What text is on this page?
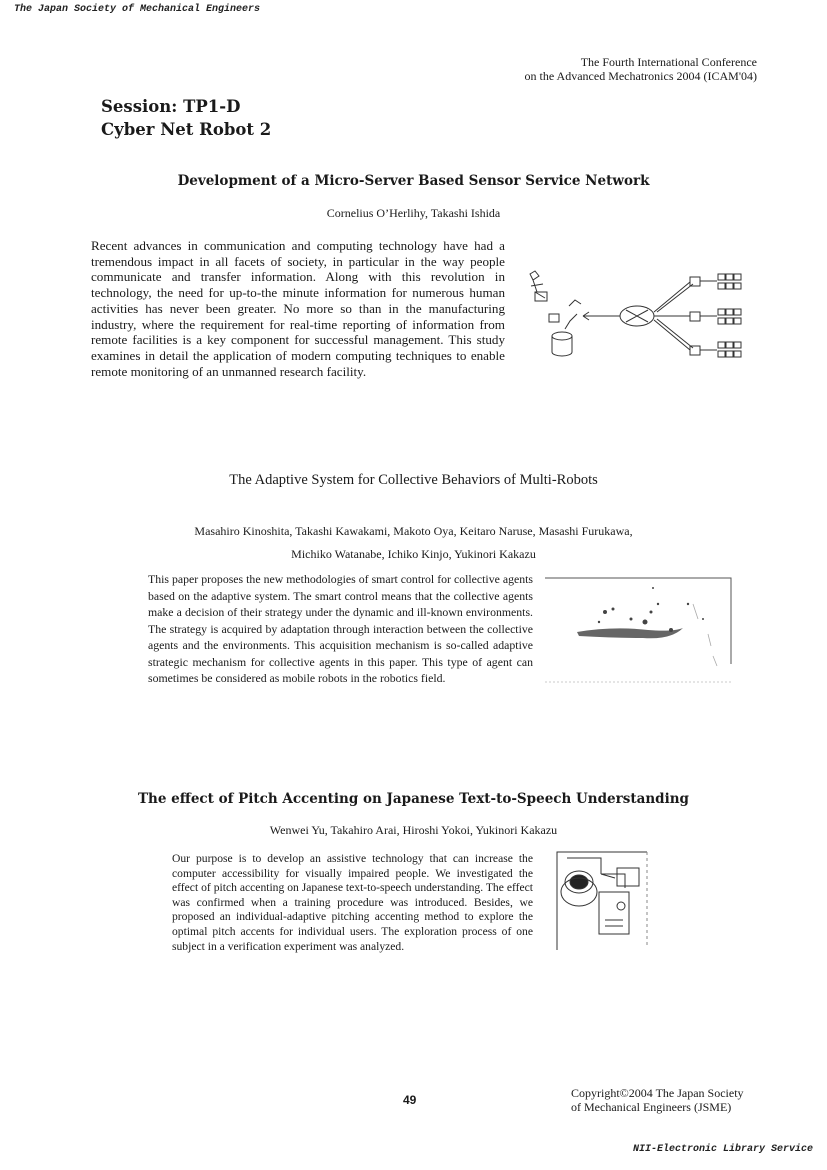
The Japan Society of Mechanical Engineers
The Fourth International Conference
on the Advanced Mechatronics 2004 (ICAM'04)
Session: TP1-D
Cyber Net Robot 2
Development of a Micro-Server Based Sensor Service Network
Cornelius O’Herlihy, Takashi Ishida
Recent advances in communication and computing technology have had a tremendous impact in all facets of society, in particular in the way people communicate and transfer information. Along with this revolution in technology, the need for up-to-the minute information for numerous human activities has never been greater. No more so than in the manufacturing industry, where the requirement for real-time reporting of information from remote facilities is a key component for successful management. This study examines in detail the application of modern computing techniques to enable remote monitoring of an unmanned research facility.
The Adaptive System for Collective Behaviors of Multi-Robots
Masahiro Kinoshita, Takashi Kawakami, Makoto Oya, Keitaro Naruse, Masashi Furukawa,
Michiko Watanabe, Ichiko Kinjo, Yukinori Kakazu
This paper proposes the new methodologies of smart control for collective agents based on the adaptive system. The smart control means that the collective agents make a decision of their strategy under the dynamic and ill-known environments. The strategy is acquired by adaptation through interaction between the collective agents and the environments. This acquisition mechanism is so-called adaptive strategic mechanism for collective agents in this paper. This type of agent can sometimes be considered as mobile robots in the robotics field.
The effect of Pitch Accenting on Japanese Text-to-Speech Understanding
Wenwei Yu, Takahiro Arai, Hiroshi Yokoi, Yukinori Kakazu
Our purpose is to develop an assistive technology that can increase the computer accessibility for visually impaired people. We investigated the effect of pitch accenting on Japanese text-to-speech understanding. The effect was confirmed when a training procedure was introduced. Besides, we proposed an individual-adaptive pitching accenting method to explore the optimal pitch accents for individual users. The exploration process of one subject in a verification experiment was analyzed.
49	Copyright©2004 The Japan Society
of Mechanical Engineers (JSME)
NII-Electronic Library Service
